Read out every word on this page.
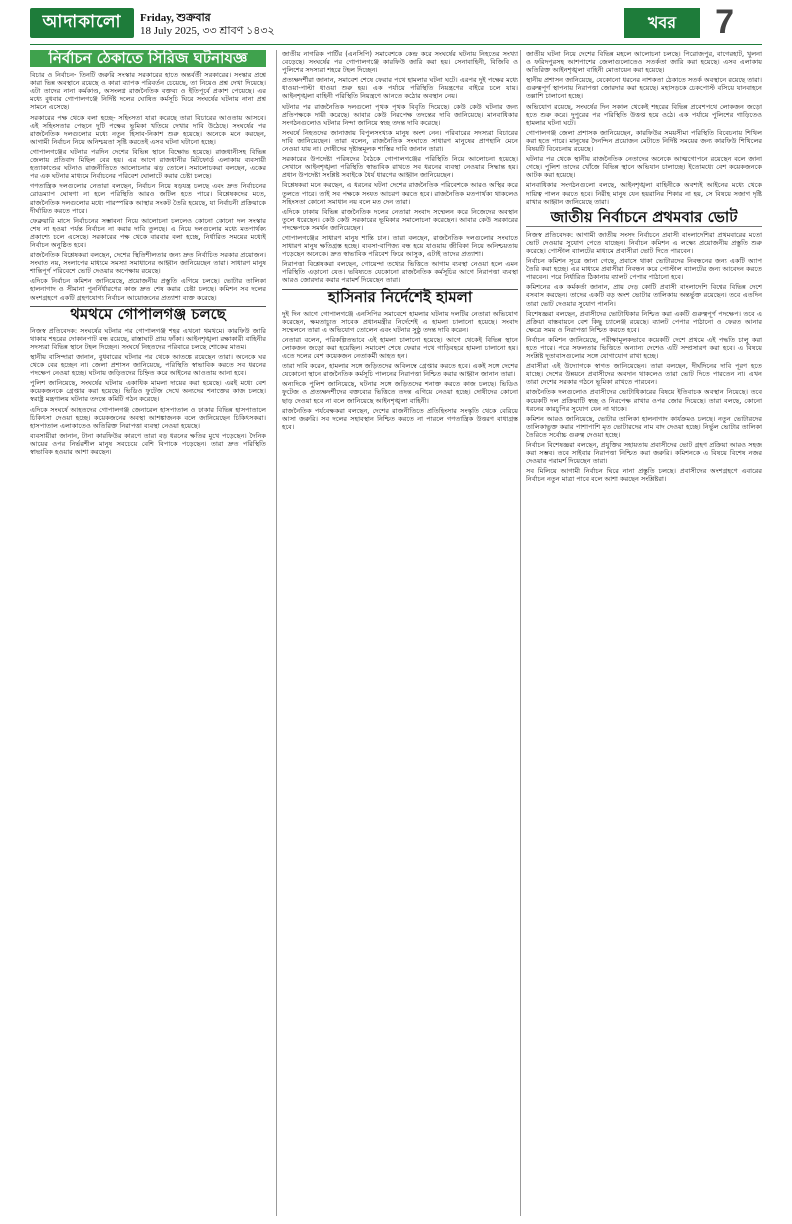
আদাকালো Friday, শুক্রবার
18 July 2025, ৩৩ শ্রাবণ ১৪৩২	খবর	7
নির্বাচন ঠেকাতে সিরিজ ঘটনাযজ্ঞ

বিচার ও নির্বাচন- তিনটি জরুরি সংস্কার সরকারের হাতে অন্তর্বর্তী সরকারের। সংস্কার প্রশ্নে কারা ভিন্ন অবস্থানে রয়েছে ও কারা ব্যাপক পরিবর্তন চেয়েছে, তা নিয়েও প্রশ্ন দেখা দিয়েছে। এটা তাদের নানা কর্মকাণ্ড, অসংলগ্ন রাজনৈতিক বক্তব্য ও ইতিপূর্বে প্রকাশ পেয়েছে। এর মধ্যে বুধবার গোপালগঞ্জে নির্দিষ্ট দলের ঘোষিত কর্মসূচি ঘিরে সংঘর্ষের ঘটনায় নানা প্রশ্ন সামনে এসেছে।

সরকারের পক্ষ থেকে বলা হচ্ছে- সহিংসতা যারা করেছে তারা বিচারের আওতায় আসবে। এই সহিংসতার পেছনে দুটি পক্ষের ভূমিকা খতিয়ে দেখার দাবি উঠেছে। সংঘর্ষের পর রাজনৈতিক দলগুলোর মধ্যে নতুন হিসাব-নিকাশ শুরু হয়েছে। অনেকে মনে করছেন, আগামী নির্বাচন নিয়ে অনিশ্চয়তা সৃষ্টি করতেই এসব ঘটনা ঘটানো হচ্ছে।

গোপালগঞ্জের ঘটনার পরদিন দেশের বিভিন্ন স্থানে বিক্ষোভ হয়েছে। রাজধানীসহ বিভিন্ন জেলায় প্রতিবাদ মিছিল বের হয়। এর আগে রাজধানীর মিটফোর্ড এলাকায় ব্যবসায়ী হত্যাকাণ্ডের ঘটনাও রাজনীতিতে আলোচনার ঝড় তোলে। সমালোচকরা বলছেন, একের পর এক ঘটনার মাধ্যমে নির্বাচনের পরিবেশ ঘোলাটে করার চেষ্টা চলছে।

গণতান্ত্রিক দলগুলোর নেতারা বলছেন, নির্বাচন নিয়ে ষড়যন্ত্র চলছে এবং দ্রুত নির্বাচনের রোডম্যাপ ঘোষণা না হলে পরিস্থিতি আরও জটিল হতে পারে। বিশ্লেষকদের মতে, রাজনৈতিক দলগুলোর মধ্যে পারস্পরিক আস্থার সংকট তৈরি হয়েছে, যা নির্বাচনী প্রক্রিয়াকে দীর্ঘায়িত করতে পারে।

ফেব্রুয়ারি মাসে নির্বাচনের সম্ভাবনা নিয়ে আলোচনা চললেও কোনো কোনো দল সংস্কার শেষ না হওয়া পর্যন্ত নির্বাচন না করার দাবি তুলছে। এ নিয়ে দলগুলোর মধ্যে মতপার্থক্য প্রকাশ্যে চলে এসেছে। সরকারের পক্ষ থেকে বারবার বলা হচ্ছে, নির্ধারিত সময়ের মধ্যেই নির্বাচন অনুষ্ঠিত হবে।

রাজনৈতিক বিশ্লেষকরা বলছেন, দেশের স্থিতিশীলতার জন্য দ্রুত নির্বাচিত সরকার প্রয়োজন। সংঘাত নয়, সংলাপের মাধ্যমে সমস্যা সমাধানের আহ্বান জানিয়েছেন তারা। সাধারণ মানুষ শান্তিপূর্ণ পরিবেশে ভোট দেওয়ার অপেক্ষায় রয়েছে।

এদিকে নির্বাচন কমিশন জানিয়েছে, প্রয়োজনীয় প্রস্তুতি এগিয়ে চলছে। ভোটার তালিকা হালনাগাদ ও সীমানা পুনর্নির্ধারণের কাজ দ্রুত শেষ করার চেষ্টা চলছে। কমিশন সব দলের অংশগ্রহণে একটি গ্রহণযোগ্য নির্বাচন আয়োজনের প্রত্যাশা ব্যক্ত করেছে।

থমথমে গোপালগঞ্জ চলছে

নিজস্ব প্রতিবেদক: সংঘর্ষের ঘটনার পর গোপালগঞ্জ শহর এখনো থমথমে। কারফিউ জারি থাকায় শহরের দোকানপাট বন্ধ রয়েছে, রাস্তাঘাট প্রায় ফাঁকা। আইনশৃঙ্খলা রক্ষাকারী বাহিনীর সদস্যরা বিভিন্ন স্থানে টহল দিচ্ছেন। সংঘর্ষে নিহতদের পরিবারে চলছে শোকের মাতম।

স্থানীয় বাসিন্দারা জানান, বুধবারের ঘটনার পর থেকে আতঙ্কে রয়েছেন তারা। অনেকে ঘর থেকে বের হচ্ছেন না। জেলা প্রশাসন জানিয়েছে, পরিস্থিতি স্বাভাবিক করতে সব ধরনের পদক্ষেপ নেওয়া হচ্ছে। ঘটনায় জড়িতদের চিহ্নিত করে আইনের আওতায় আনা হবে।

পুলিশ জানিয়েছে, সংঘর্ষের ঘটনায় একাধিক মামলা দায়ের করা হয়েছে। এরই মধ্যে বেশ কয়েকজনকে গ্রেপ্তার করা হয়েছে। ভিডিও ফুটেজ দেখে অন্যদের শনাক্তের কাজ চলছে। স্বরাষ্ট্র মন্ত্রণালয় ঘটনার তদন্তে কমিটি গঠন করেছে।

এদিকে সংঘর্ষে আহতদের গোপালগঞ্জ জেনারেল হাসপাতাল ও ঢাকার বিভিন্ন হাসপাতালে চিকিৎসা দেওয়া হচ্ছে। কয়েকজনের অবস্থা আশঙ্কাজনক বলে জানিয়েছেন চিকিৎসকরা। হাসপাতাল এলাকাতেও অতিরিক্ত নিরাপত্তা ব্যবস্থা নেওয়া হয়েছে।

ব্যবসায়ীরা জানান, টানা কারফিউর কারণে তারা বড় ধরনের ক্ষতির মুখে পড়েছেন। দৈনিক আয়ের ওপর নির্ভরশীল মানুষ সবচেয়ে বেশি বিপাকে পড়েছেন। তারা দ্রুত পরিস্থিতি স্বাভাবিক হওয়ার আশা করছেন।

জাতীয় নাগরিক পার্টির (এনসিপি) সমাবেশকে কেন্দ্র করে সংঘর্ষের ঘটনায় নিহতের সংখ্যা বেড়েছে। সংঘর্ষের পর গোপালগঞ্জে কারফিউ জারি করা হয়। সেনাবাহিনী, বিজিবি ও পুলিশের সদস্যরা শহরে টহল দিচ্ছেন।

প্রত্যক্ষদর্শীরা জানান, সমাবেশ শেষে ফেরার পথে হামলার ঘটনা ঘটে। এরপর দুই পক্ষের মধ্যে ধাওয়া-পাল্টা ধাওয়া শুরু হয়। এক পর্যায়ে পরিস্থিতি নিয়ন্ত্রণের বাইরে চলে যায়। আইনশৃঙ্খলা বাহিনী পরিস্থিতি নিয়ন্ত্রণে আনতে কঠোর অবস্থান নেয়।

ঘটনার পর রাজনৈতিক দলগুলো পৃথক পৃথক বিবৃতি দিয়েছে। কেউ কেউ ঘটনার জন্য প্রতিপক্ষকে দায়ী করেছে। আবার কেউ নিরপেক্ষ তদন্তের দাবি জানিয়েছে। মানবাধিকার সংগঠনগুলোও ঘটনার নিন্দা জানিয়ে স্বচ্ছ তদন্ত দাবি করেছে।

সংঘর্ষে নিহতদের জানাজায় বিপুলসংখ্যক মানুষ অংশ নেন। পরিবারের সদস্যরা বিচারের দাবি জানিয়েছেন। তারা বলেন, রাজনৈতিক সংঘাতে সাধারণ মানুষের প্রাণহানি মেনে নেওয়া যায় না। দোষীদের দৃষ্টান্তমূলক শাস্তির দাবি জানান তারা।

সরকারের উপদেষ্টা পরিষদের বৈঠকে গোপালগঞ্জের পরিস্থিতি নিয়ে আলোচনা হয়েছে। সেখানে আইনশৃঙ্খলা পরিস্থিতি স্বাভাবিক রাখতে সব ধরনের ব্যবস্থা নেওয়ার সিদ্ধান্ত হয়। প্রধান উপদেষ্টা সংশ্লিষ্ট সবাইকে ধৈর্য ধারণের আহ্বান জানিয়েছেন।

বিশ্লেষকরা মনে করছেন, এ ধরনের ঘটনা দেশের রাজনৈতিক পরিবেশকে আরও অস্থির করে তুলতে পারে। তাই সব পক্ষকে সংযত আচরণ করতে হবে। রাজনৈতিক মতপার্থক্য থাকলেও সহিংসতা কোনো সমাধান নয় বলে মত দেন তারা।

এদিকে ঢাকায় বিভিন্ন রাজনৈতিক দলের নেতারা সংবাদ সম্মেলন করে নিজেদের অবস্থান তুলে ধরেছেন। কেউ কেউ সরকারের ভূমিকার সমালোচনা করেছেন। আবার কেউ সরকারের পদক্ষেপকে সমর্থন জানিয়েছেন।

গোপালগঞ্জের সাধারণ মানুষ শান্তি চান। তারা বলছেন, রাজনৈতিক দলগুলোর সংঘাতে সাধারণ মানুষ ক্ষতিগ্রস্ত হচ্ছে। ব্যবসা-বাণিজ্য বন্ধ হয়ে যাওয়ায় জীবিকা নিয়ে অনিশ্চয়তায় পড়েছেন অনেকে। দ্রুত স্বাভাবিক পরিবেশ ফিরে আসুক, এটাই তাদের প্রত্যাশা।

নিরাপত্তা বিশ্লেষকরা বলছেন, গোয়েন্দা তথ্যের ভিত্তিতে আগাম ব্যবস্থা নেওয়া হলে এমন পরিস্থিতি এড়ানো যেত। ভবিষ্যতে যেকোনো রাজনৈতিক কর্মসূচির আগে নিরাপত্তা ব্যবস্থা আরও জোরদার করার পরামর্শ দিয়েছেন তারা।

হাসিনার নির্দেশেই হামলা

দুই দিন আগে গোপালগঞ্জে এনসিপির সমাবেশে হামলার ঘটনায় দলটির নেতারা অভিযোগ করেছেন, ক্ষমতাচ্যুত সাবেক প্রধানমন্ত্রীর নির্দেশেই এ হামলা চালানো হয়েছে। সংবাদ সম্মেলনে তারা এ অভিযোগ তোলেন এবং ঘটনার সুষ্ঠু তদন্ত দাবি করেন।

নেতারা বলেন, পরিকল্পিতভাবে এই হামলা চালানো হয়েছে। আগে থেকেই বিভিন্ন স্থানে লোকজন জড়ো করা হয়েছিল। সমাবেশ শেষে ফেরার পথে গাড়িবহরে হামলা চালানো হয়। এতে দলের বেশ কয়েকজন নেতাকর্মী আহত হন।

তারা দাবি করেন, হামলার সঙ্গে জড়িতদের অবিলম্বে গ্রেপ্তার করতে হবে। একই সঙ্গে দেশের যেকোনো স্থানে রাজনৈতিক কর্মসূচি পালনের নিরাপত্তা নিশ্চিত করার আহ্বান জানান তারা।

অন্যদিকে পুলিশ জানিয়েছে, ঘটনার সঙ্গে জড়িতদের শনাক্ত করতে কাজ চলছে। ভিডিও ফুটেজ ও প্রত্যক্ষদর্শীদের বক্তব্যের ভিত্তিতে তদন্ত এগিয়ে নেওয়া হচ্ছে। দোষীদের কোনো ছাড় দেওয়া হবে না বলে জানিয়েছে আইনশৃঙ্খলা বাহিনী।

রাজনৈতিক পর্যবেক্ষকরা বলছেন, দেশের রাজনীতিতে প্রতিহিংসার সংস্কৃতি থেকে বেরিয়ে আসা জরুরি। সব দলের সহাবস্থান নিশ্চিত করতে না পারলে গণতান্ত্রিক উত্তরণ বাধাগ্রস্ত হবে।

জাতীয় ঘটনা নিয়ে দেশের বিভিন্ন মহলে আলোচনা চলছে। পিরোজপুর, বাগেরহাট, খুলনা ও ফরিদপুরসহ আশপাশের জেলাগুলোতেও সতর্কতা জারি করা হয়েছে। এসব এলাকায় অতিরিক্ত আইনশৃঙ্খলা বাহিনী মোতায়েন করা হয়েছে।

স্থানীয় প্রশাসন জানিয়েছে, যেকোনো ধরনের নাশকতা ঠেকাতে সতর্ক অবস্থানে রয়েছে তারা। গুরুত্বপূর্ণ স্থাপনায় নিরাপত্তা জোরদার করা হয়েছে। মহাসড়কে চেকপোস্ট বসিয়ে যানবাহনে তল্লাশি চালানো হচ্ছে।

অভিযোগ রয়েছে, সংঘর্ষের দিন সকাল থেকেই শহরের বিভিন্ন প্রবেশপথে লোকজন জড়ো হতে শুরু করে। দুপুরের পর পরিস্থিতি উত্তপ্ত হয়ে ওঠে। এক পর্যায়ে পুলিশের গাড়িতেও হামলার ঘটনা ঘটে।

গোপালগঞ্জ জেলা প্রশাসক জানিয়েছেন, কারফিউর সময়সীমা পরিস্থিতি বিবেচনায় শিথিল করা হতে পারে। মানুষের দৈনন্দিন প্রয়োজন মেটাতে নির্দিষ্ট সময়ের জন্য কারফিউ শিথিলের বিষয়টি বিবেচনায় রয়েছে।

ঘটনার পর থেকে স্থানীয় রাজনৈতিক নেতাদের অনেকে আত্মগোপনে রয়েছেন বলে জানা গেছে। পুলিশ তাদের খোঁজে বিভিন্ন স্থানে অভিযান চালাচ্ছে। ইতোমধ্যে বেশ কয়েকজনকে আটক করা হয়েছে।

মানবাধিকার সংগঠনগুলো বলছে, আইনশৃঙ্খলা বাহিনীকে অবশ্যই আইনের মধ্যে থেকে দায়িত্ব পালন করতে হবে। নিরীহ মানুষ যেন হয়রানির শিকার না হয়, সে বিষয়ে সজাগ দৃষ্টি রাখার আহ্বান জানিয়েছে তারা।

জাতীয় নির্বাচনে প্রথমবার ভোট

নিজস্ব প্রতিবেদক: আগামী জাতীয় সংসদ নির্বাচনে প্রবাসী বাংলাদেশিরা প্রথমবারের মতো ভোট দেওয়ার সুযোগ পেতে যাচ্ছেন। নির্বাচন কমিশন এ লক্ষ্যে প্রয়োজনীয় প্রস্তুতি শুরু করেছে। পোস্টাল ব্যালটের মাধ্যমে প্রবাসীরা ভোট দিতে পারবেন।

নির্বাচন কমিশন সূত্রে জানা গেছে, প্রবাসে থাকা ভোটারদের নিবন্ধনের জন্য একটি অ্যাপ তৈরি করা হচ্ছে। এর মাধ্যমে প্রবাসীরা নিবন্ধন করে পোস্টাল ব্যালটের জন্য আবেদন করতে পারবেন। পরে নির্ধারিত ঠিকানায় ব্যালট পেপার পাঠানো হবে।

কমিশনের এক কর্মকর্তা জানান, প্রায় দেড় কোটি প্রবাসী বাংলাদেশি বিশ্বের বিভিন্ন দেশে বসবাস করছেন। তাদের একটি বড় অংশ ভোটার তালিকায় অন্তর্ভুক্ত রয়েছেন। তবে এতদিন তারা ভোট দেওয়ার সুযোগ পাননি।

বিশেষজ্ঞরা বলছেন, প্রবাসীদের ভোটাধিকার নিশ্চিত করা একটি গুরুত্বপূর্ণ পদক্ষেপ। তবে এ প্রক্রিয়া বাস্তবায়নে বেশ কিছু চ্যালেঞ্জ রয়েছে। ব্যালট পেপার পাঠানো ও ফেরত আনার ক্ষেত্রে সময় ও নিরাপত্তা নিশ্চিত করতে হবে।

নির্বাচন কমিশন জানিয়েছে, পরীক্ষামূলকভাবে কয়েকটি দেশে প্রথমে এই পদ্ধতি চালু করা হতে পারে। পরে সফলতার ভিত্তিতে অন্যান্য দেশেও এটি সম্প্রসারণ করা হবে। এ বিষয়ে সংশ্লিষ্ট দূতাবাসগুলোর সঙ্গে যোগাযোগ রাখা হচ্ছে।

প্রবাসীরা এই উদ্যোগকে স্বাগত জানিয়েছেন। তারা বলছেন, দীর্ঘদিনের দাবি পূরণ হতে যাচ্ছে। দেশের উন্নয়নে প্রবাসীদের অবদান থাকলেও তারা ভোট দিতে পারতেন না। এখন তারা দেশের সরকার গঠনে ভূমিকা রাখতে পারবেন।

রাজনৈতিক দলগুলোও প্রবাসীদের ভোটাধিকারের বিষয়ে ইতিবাচক অবস্থান নিয়েছে। তবে কয়েকটি দল প্রক্রিয়াটি স্বচ্ছ ও নিরপেক্ষ রাখার ওপর জোর দিয়েছে। তারা বলছে, কোনো ধরনের কারচুপির সুযোগ যেন না থাকে।

কমিশন আরও জানিয়েছে, ভোটার তালিকা হালনাগাদ কার্যক্রমও চলছে। নতুন ভোটারদের তালিকাভুক্ত করার পাশাপাশি মৃত ভোটারদের নাম বাদ দেওয়া হচ্ছে। নির্ভুল ভোটার তালিকা তৈরিতে সর্বোচ্চ গুরুত্ব দেওয়া হচ্ছে।

নির্বাচন বিশেষজ্ঞরা বলছেন, প্রযুক্তির সহায়তায় প্রবাসীদের ভোট গ্রহণ প্রক্রিয়া আরও সহজ করা সম্ভব। তবে সাইবার নিরাপত্তা নিশ্চিত করা জরুরি। কমিশনকে এ বিষয়ে বিশেষ নজর দেওয়ার পরামর্শ দিয়েছেন তারা।

সব মিলিয়ে আগামী নির্বাচন ঘিরে নানা প্রস্তুতি চলছে। প্রবাসীদের অংশগ্রহণে এবারের নির্বাচন নতুন মাত্রা পাবে বলে আশা করছেন সংশ্লিষ্টরা।
